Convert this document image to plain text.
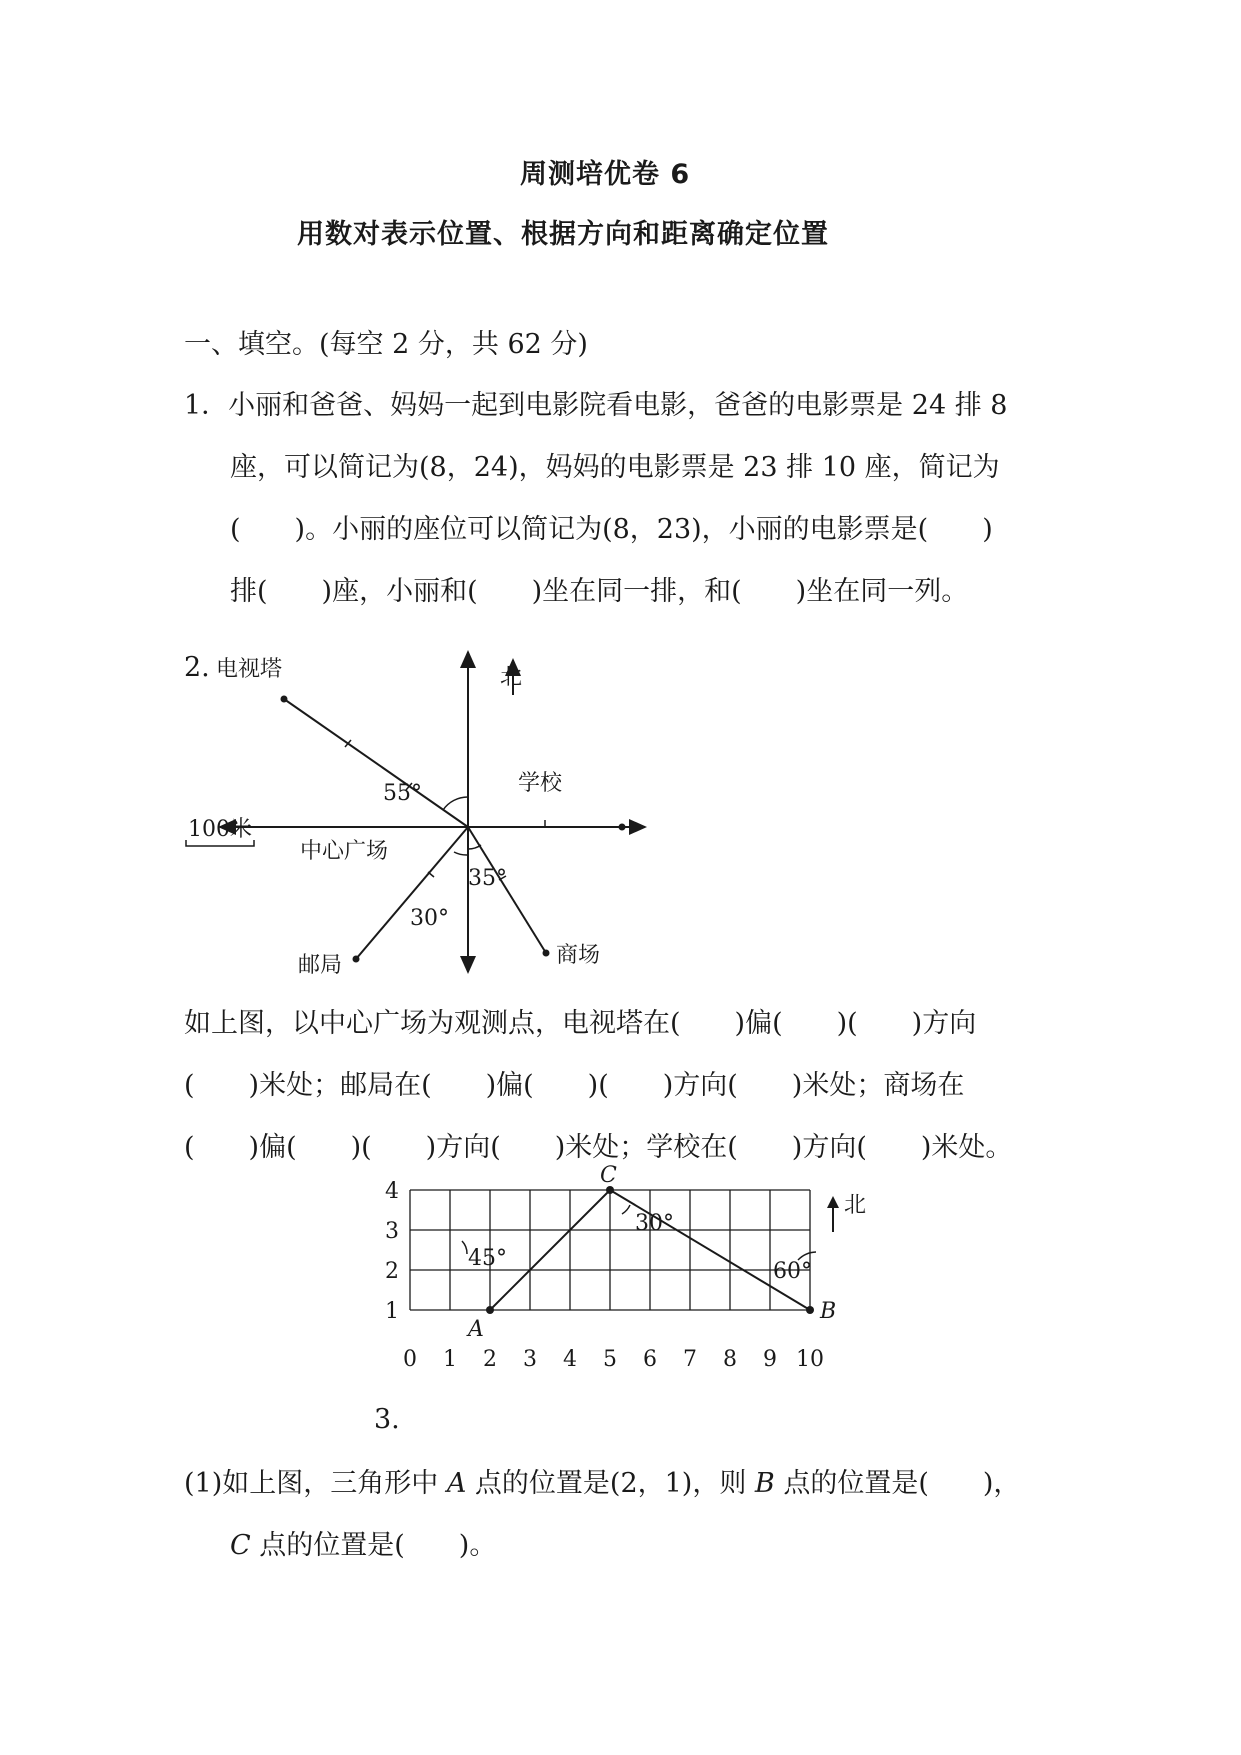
周测培优卷 6
用数对表示位置、根据方向和距离确定位置
一、填空。(每空 2 分，共 62 分)
1．小丽和爸爸、妈妈一起到电影院看电影，爸爸的电影票是 24 排 8
座，可以简记为(8，24)，妈妈的电影票是 23 排 10 座，简记为
(　　)。小丽的座位可以简记为(8，23)，小丽的电影票是(　　)
排(　　)座，小丽和(　　)坐在同一排，和(　　)坐在同一列。
2. 电视塔	北
学校
中心广场
55°
35°
30°
邮局	商场
100米
如上图，以中心广场为观测点，电视塔在(　　)偏(　　)(　　)方向
(　　)米处；邮局在(　　)偏(　　)(　　)方向(　　)米处；商场在
(　　)偏(　　)(　　)方向(　　)米处；学校在(　　)方向(　　)米处。
0 1 2 3 4 5 6 7 8 9 10
1
2
3
4
A
B
C
45°
30°
60°
北
3.
(1)如上图，三角形中 A 点的位置是(2，1)，则 B 点的位置是(　　)，
C 点的位置是(　　)。
